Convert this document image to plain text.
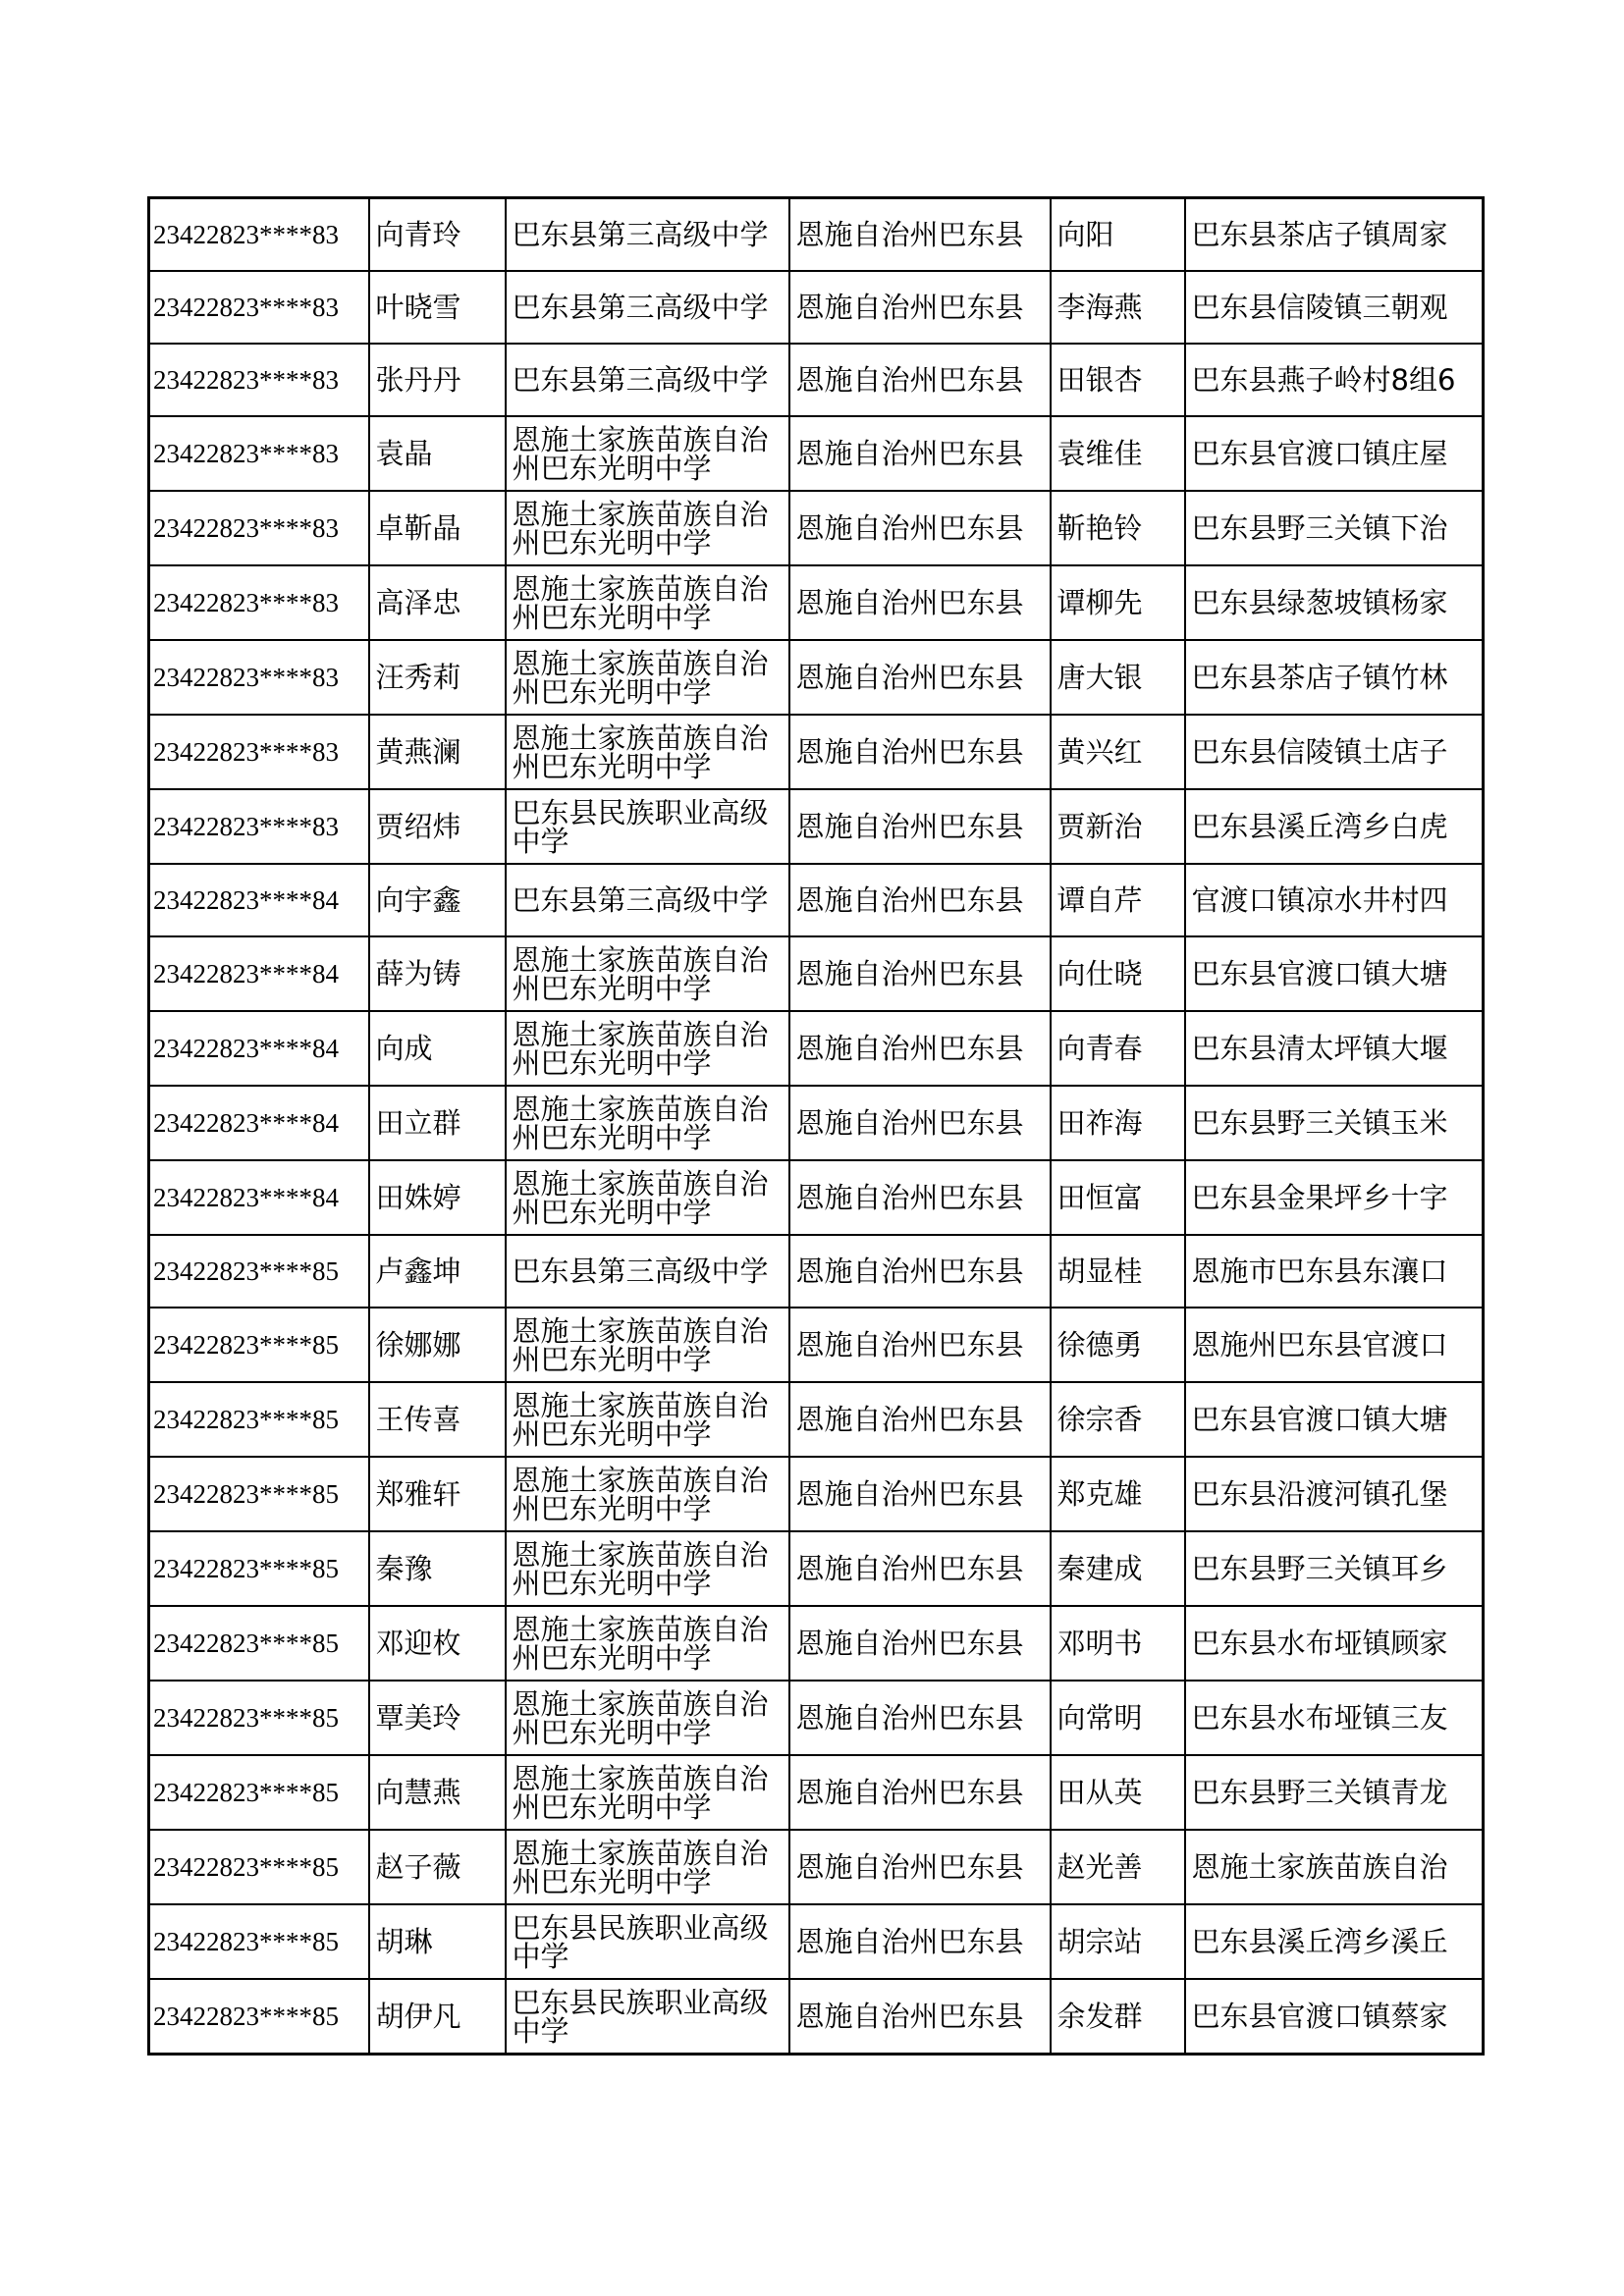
23422823****83	向青玲	巴东县第三高级中学	恩施自治州巴东县	向阳	巴东县茶店子镇周家
23422823****83	叶晓雪	巴东县第三高级中学	恩施自治州巴东县	李海燕	巴东县信陵镇三朝观
23422823****83	张丹丹	巴东县第三高级中学	恩施自治州巴东县	田银杏	巴东县燕子岭村8组6
23422823****83	袁晶	恩施土家族苗族自治州巴东光明中学	恩施自治州巴东县	袁维佳	巴东县官渡口镇庄屋
23422823****83	卓靳晶	恩施土家族苗族自治州巴东光明中学	恩施自治州巴东县	靳艳铃	巴东县野三关镇下治
23422823****83	高泽忠	恩施土家族苗族自治州巴东光明中学	恩施自治州巴东县	谭柳先	巴东县绿葱坡镇杨家
23422823****83	汪秀莉	恩施土家族苗族自治州巴东光明中学	恩施自治州巴东县	唐大银	巴东县茶店子镇竹林
23422823****83	黄燕澜	恩施土家族苗族自治州巴东光明中学	恩施自治州巴东县	黄兴红	巴东县信陵镇土店子
23422823****83	贾绍炜	巴东县民族职业高级中学	恩施自治州巴东县	贾新治	巴东县溪丘湾乡白虎
23422823****84	向宇鑫	巴东县第三高级中学	恩施自治州巴东县	谭自芹	官渡口镇凉水井村四
23422823****84	薛为铸	恩施土家族苗族自治州巴东光明中学	恩施自治州巴东县	向仕晓	巴东县官渡口镇大塘
23422823****84	向成	恩施土家族苗族自治州巴东光明中学	恩施自治州巴东县	向青春	巴东县清太坪镇大堰
23422823****84	田立群	恩施土家族苗族自治州巴东光明中学	恩施自治州巴东县	田祚海	巴东县野三关镇玉米
23422823****84	田姝婷	恩施土家族苗族自治州巴东光明中学	恩施自治州巴东县	田恒富	巴东县金果坪乡十字
23422823****85	卢鑫坤	巴东县第三高级中学	恩施自治州巴东县	胡显桂	恩施市巴东县东瀼口
23422823****85	徐娜娜	恩施土家族苗族自治州巴东光明中学	恩施自治州巴东县	徐德勇	恩施州巴东县官渡口
23422823****85	王传喜	恩施土家族苗族自治州巴东光明中学	恩施自治州巴东县	徐宗香	巴东县官渡口镇大塘
23422823****85	郑雅轩	恩施土家族苗族自治州巴东光明中学	恩施自治州巴东县	郑克雄	巴东县沿渡河镇孔堡
23422823****85	秦豫	恩施土家族苗族自治州巴东光明中学	恩施自治州巴东县	秦建成	巴东县野三关镇耳乡
23422823****85	邓迎枚	恩施土家族苗族自治州巴东光明中学	恩施自治州巴东县	邓明书	巴东县水布垭镇顾家
23422823****85	覃美玲	恩施土家族苗族自治州巴东光明中学	恩施自治州巴东县	向常明	巴东县水布垭镇三友
23422823****85	向慧燕	恩施土家族苗族自治州巴东光明中学	恩施自治州巴东县	田从英	巴东县野三关镇青龙
23422823****85	赵子薇	恩施土家族苗族自治州巴东光明中学	恩施自治州巴东县	赵光善	恩施土家族苗族自治
23422823****85	胡琳	巴东县民族职业高级中学	恩施自治州巴东县	胡宗站	巴东县溪丘湾乡溪丘
23422823****85	胡伊凡	巴东县民族职业高级中学	恩施自治州巴东县	余发群	巴东县官渡口镇蔡家
